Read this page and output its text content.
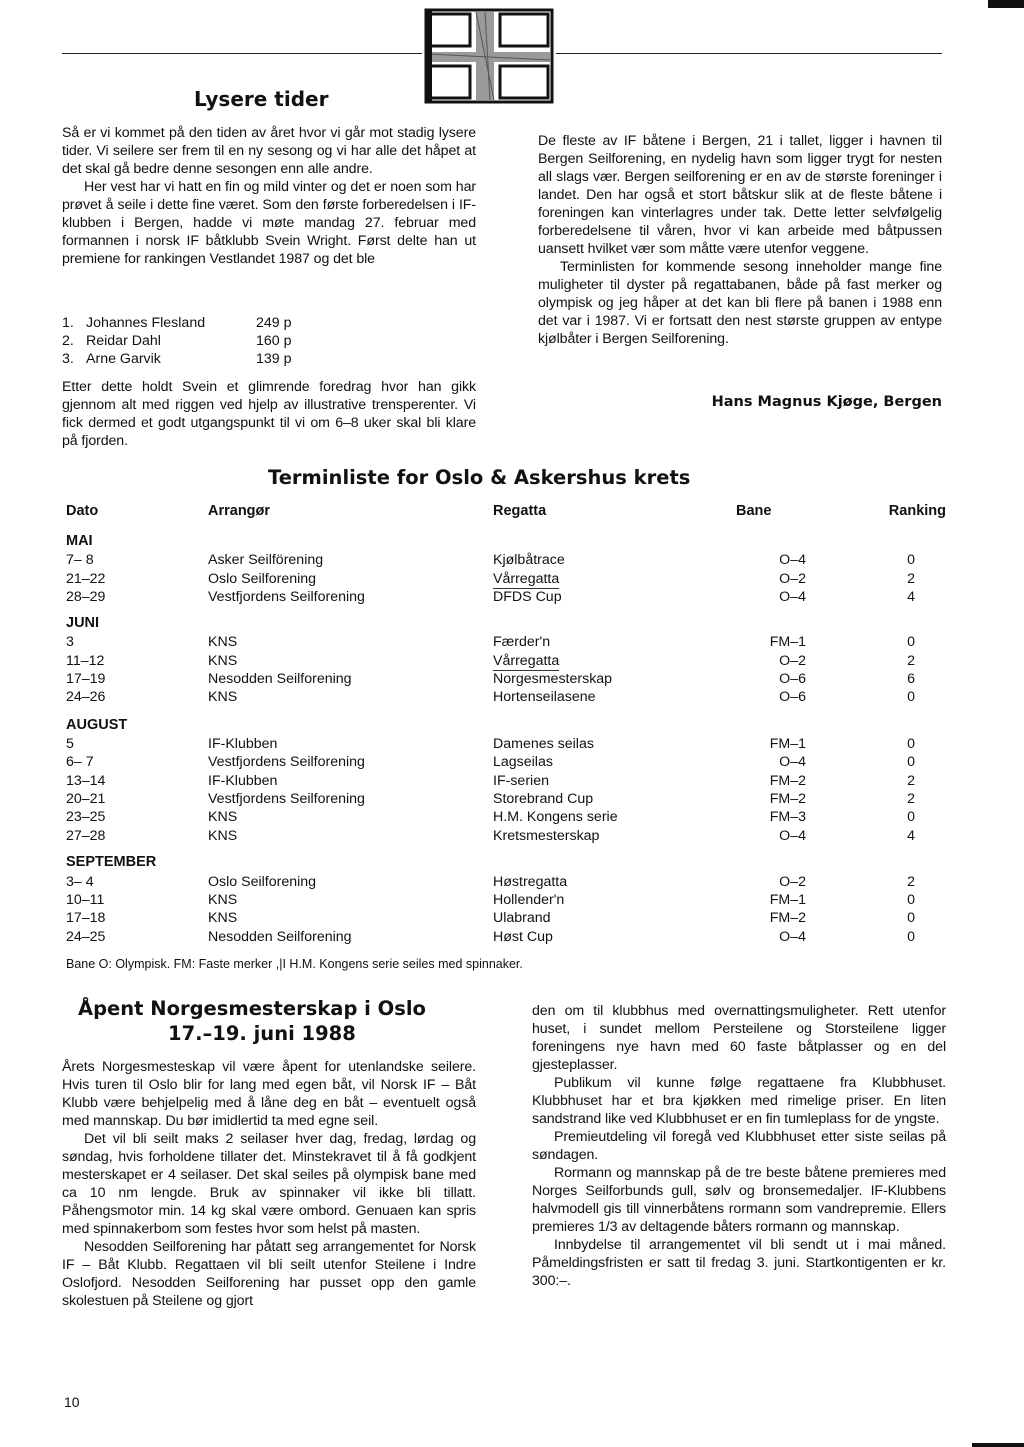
Lysere tider

Så er vi kommet på den tiden av året hvor vi går mot stadig lysere tider. Vi seilere ser frem til en ny sesong og vi har alle det håpet at det skal gå bedre denne sesongen enn alle andre.

Her vest har vi hatt en fin og mild vinter og det er noen som har prøvet å seile i dette fine været. Som den første forberedelsen i IF-klubben i Bergen, hadde vi møte mandag 27. februar med formannen i norsk IF båtklubb Svein Wright. Først delte han ut premiene for rankingen Vestlandet 1987 og det ble

1. Johannes Flesland	249 p
2. Reidar Dahl	160 p
3. Arne Garvik	139 p

Etter dette holdt Svein et glimrende foredrag hvor han gikk gjennom alt med riggen ved hjelp av illustrative trensperenter. Vi fick dermed et godt utgangspunkt til vi om 6–8 uker skal bli klare på fjorden.

De fleste av IF båtene i Bergen, 21 i tallet, ligger i havnen til Bergen Seilforening, en nydelig havn som ligger trygt for nesten all slags vær. Bergen seilforening er en av de største foreninger i landet. Den har også et stort båtskur slik at de fleste båtene i foreningen kan vinterlagres under tak. Dette letter selvfølgelig forberedelsene til våren, hvor vi kan arbeide med båtpussen uansett hvilket vær som måtte være utenfor veggene.

Terminlisten for kommende sesong inneholder mange fine muligheter til dyster på regattabanen, både på fast merker og olympisk og jeg håper at det kan bli flere på banen i 1988 enn det var i 1987. Vi er fortsatt den nest største gruppen av entype kjølbåter i Bergen Seilforening.

Hans Magnus Kjøge, Bergen
Terminliste for Oslo & Askershus krets
Dato	Arrangør	Regatta	Bane	Ranking
MAI
7– 8	Asker Seilförening	Kjølbåtrace	O–4	0
21–22	Oslo Seilforening	Vårregatta	O–2	2
28–29	Vestfjordens Seilforening	DFDS Cup	O–4	4
JUNI
3	KNS	Færder'n	FM–1	0
11–12	KNS	Vårregatta	O–2	2
17–19	Nesodden Seilforening	Norgesmesterskap	O–6	6
24–26	KNS	Hortenseilasene	O–6	0
AUGUST
5	IF-Klubben	Damenes seilas	FM–1	0
6– 7	Vestfjordens Seilforening	Lagseilas	O–4	0
13–14	IF-Klubben	IF-serien	FM–2	2
20–21	Vestfjordens Seilforening	Storebrand Cup	FM–2	2
23–25	KNS	H.M. Kongens serie	FM–3	0
27–28	KNS	Kretsmesterskap	O–4	4
SEPTEMBER
3– 4	Oslo Seilforening	Høstregatta	O–2	2
10–11	KNS	Hollender'n	FM–1	0
17–18	KNS	Ulabrand	FM–2	0
24–25	Nesodden Seilforening	Høst Cup	O–4	0
Bane O: Olympisk. FM: Faste merker ,|I H.M. Kongens serie seiles med spinnaker.
Åpent Norgesmesterskap i Oslo
17.–19. juni 1988

Årets Norgesmesteskap vil være åpent for utenlandske seilere. Hvis turen til Oslo blir for lang med egen båt, vil Norsk IF – Båt Klubb være behjelpelig med å låne deg en båt – eventuelt også med mannskap. Du bør imidlertid ta med egne seil.

Det vil bli seilt maks 2 seilaser hver dag, fredag, lørdag og søndag, hvis forholdene tillater det. Minstekravet til å få godkjent mesterskapet er 4 seilaser. Det skal seiles på olympisk bane med ca 10 nm lengde. Bruk av spinnaker vil ikke bli tillatt. Påhengsmotor min. 14 kg skal være ombord. Genuaen kan spris med spinnakerbom som festes hvor som helst på masten.

Nesodden Seilforening har påtatt seg arrangementet for Norsk IF – Båt Klubb. Regattaen vil bli seilt utenfor Steilene i Indre Oslofjord. Nesodden Seilforening har pusset opp den gamle skolestuen på Steilene og gjort

den om til klubbhus med overnattingsmuligheter. Rett utenfor huset, i sundet mellom Persteilene og Storsteilene ligger foreningens nye havn med 60 faste båtplasser og en del gjesteplasser.

Publikum vil kunne følge regattaene fra Klubbhuset. Klubbhuset har et bra kjøkken med rimelige priser. En liten sandstrand like ved Klubbhuset er en fin tumleplass for de yngste.

Premieutdeling vil foregå ved Klubbhuset etter siste seilas på søndagen.

Rormann og mannskap på de tre beste båtene premieres med Norges Seilforbunds gull, sølv og bronsemedaljer. IF-Klubbens halvmodell gis till vinnerbåtens rormann som vandrepremie. Ellers premieres 1/3 av deltagende båters rormann og mannskap.

Innbydelse til arrangementet vil bli sendt ut i mai måned. Påmeldingsfristen er satt til fredag 3. juni. Startkontigenten er kr. 300:–.

10
